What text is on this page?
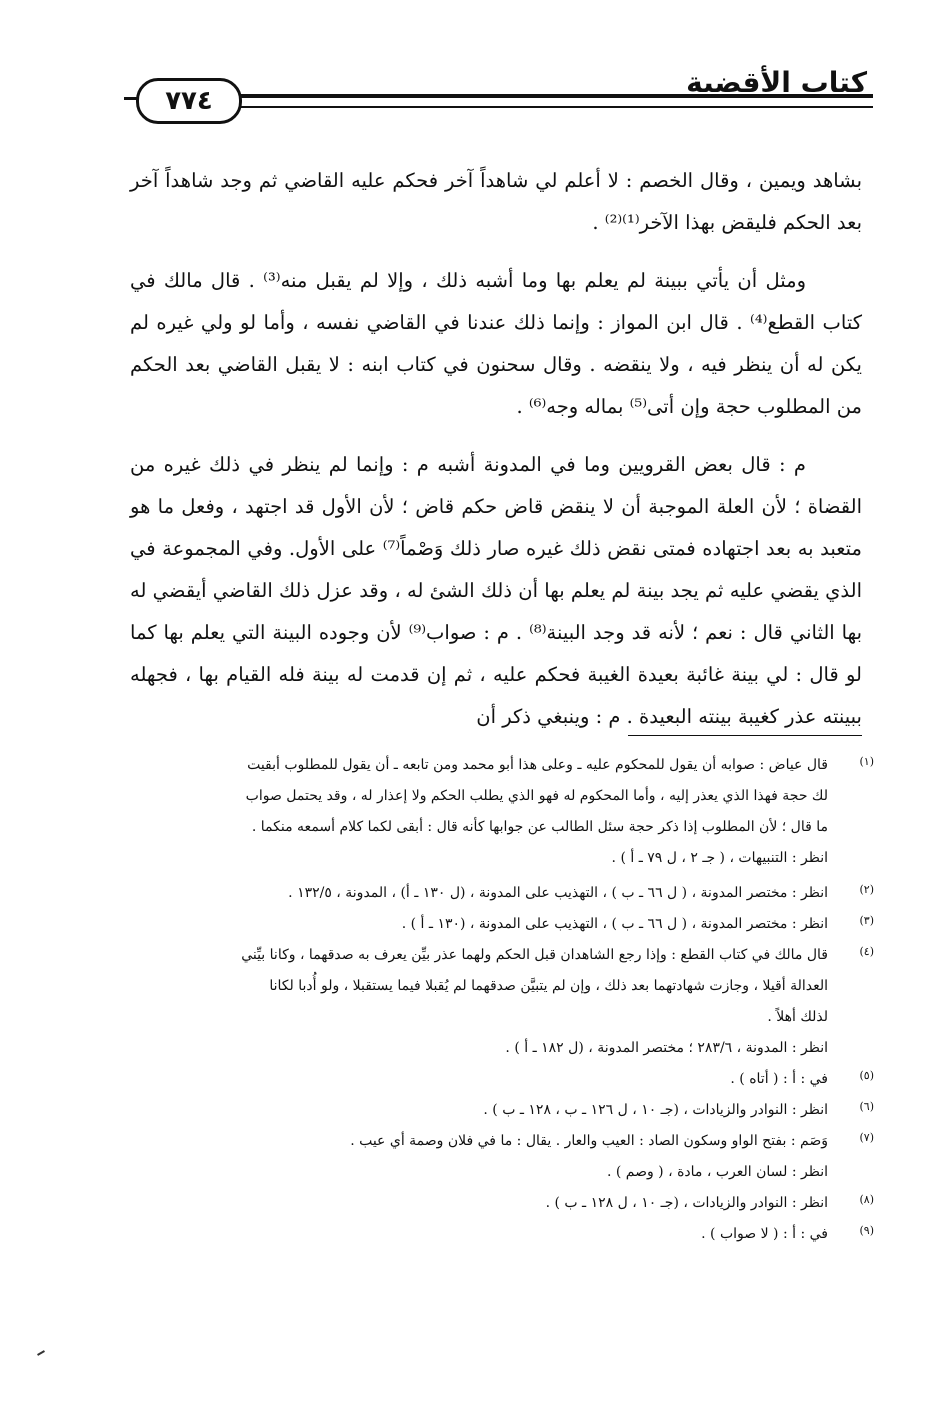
كتاب الأقضية
٧٧٤

بشاهد ويمين ، وقال الخصم : لا أعلم لي شاهداً آخر فحكم عليه القاضي ثم وجد شاهداً آخر بعد الحكم فليقض بهذا الآخر⁽¹⁾⁽²⁾ .

ومثل أن يأتي ببينة لم يعلم بها وما أشبه ذلك ، وإلا لم يقبل منه⁽³⁾ . قال مالك في كتاب القطع⁽⁴⁾ . قال ابن المواز : وإنما ذلك عندنا في القاضي نفسه ، وأما لو ولي غيره لم يكن له أن ينظر فيه ، ولا ينقضه . وقال سحنون في كتاب ابنه : لا يقبل القاضي بعد الحكم من المطلوب حجة وإن أتى⁽⁵⁾ بماله وجه⁽⁶⁾ .

م : قال بعض القرويين وما في المدونة أشبه م : وإنما لم ينظر في ذلك غيره من القضاة ؛ لأن العلة الموجبة أن لا ينقض قاض حكم قاض ؛ لأن الأول قد اجتهد ، وفعل ما هو متعبد به بعد اجتهاده فمتى نقض ذلك غيره صار ذلك وَصْماً⁽⁷⁾ على الأول. وفي المجموعة في الذي يقضي عليه ثم يجد بينة لم يعلم بها أن ذلك الشئ له ، وقد عزل ذلك القاضي أيقضي له بها الثاني قال : نعم ؛ لأنه قد وجد البينة⁽⁸⁾ . م : صواب⁽⁹⁾ لأن وجوده البينة التي يعلم بها كما لو قال : لي بينة غائبة بعيدة الغيبة فحكم عليه ، ثم إن قدمت له بينة فله القيام بها ، فجهله ببينته عذر كغيبة بينته البعيدة . م : وينبغي ذكر أن

(١)
قال عياض : صوابه أن يقول للمحكوم عليه ـ وعلى هذا أبو محمد ومن تابعه ـ أن يقول للمطلوب أبقيت
لك حجة فهذا الذي يعذر إليه ، وأما المحكوم له فهو الذي يطلب الحكم ولا إعذار له ، وقد يحتمل صواب
ما قال ؛ لأن المطلوب إذا ذكر حجة سئل الطالب عن جوابها كأنه قال : أبقى لكما كلام أسمعه منكما .
انظر : التنبيهات ، ( جـ ٢ ، ل ٧٩ ـ أ ) .
(٢)
انظر : مختصر المدونة ، ( ل ٦٦ ـ ب ) ، التهذيب على المدونة ، (ل ١٣٠ ـ أ) ، المدونة ، ١٣٢/٥ .
(٣)
انظر : مختصر المدونة ، ( ل ٦٦ ـ ب ) ، التهذيب على المدونة ، (١٣٠ ـ أ ) .
(٤)
قال مالك في كتاب القطع : وإذا رجع الشاهدان قبل الحكم ولهما عذر بيِّن يعرف به صدقهما ، وكانا بيِّني
العدالة أقيلا ، وجازت شهادتهما بعد ذلك ، وإن لم يتبيَّن صدقهما لم يُقبلا فيما يستقبلا ، ولو أُدبا لكانا
لذلك أهلاً .
انظر : المدونة ، ٢٨٣/٦ ؛ مختصر المدونة ، (ل ١٨٢ ـ أ ) .
(٥)
في : أ : ( أتاه ) .
(٦)
انظر : النوادر والزيادات ، (جـ ١٠ ، ل ١٢٦ ـ ب ، ١٢٨ ـ ب ) .
(٧)
وَصَم : بفتح الواو وسكون الصاد : العيب والعار . يقال : ما في فلان وصمة أي عيب .
انظر : لسان العرب ، مادة ، ( وصم ) .
(٨)
انظر : النوادر والزيادات ، (جـ ١٠ ، ل ١٢٨ ـ ب ) .
(٩)
في : أ : ( لا صواب ) .
